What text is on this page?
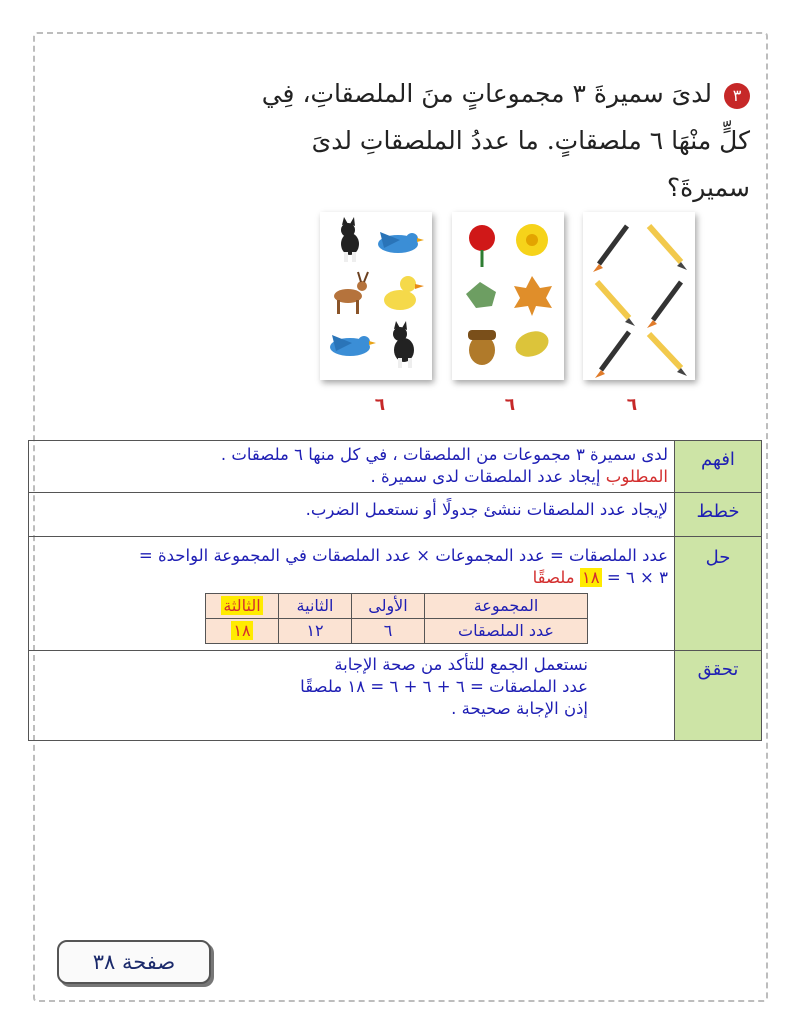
٣لدىَ سميرةَ ٣ مجموعاتٍ منَ الملصقاتِ، فِي كلٍّ منْهَا ٦ ملصقاتٍ. ما عددُ الملصقاتِ لدىَ سميرةَ؟
٦	٦	٦
افهم	
لدى سميرة ٣ مجموعات من الملصقات ، في كل منها ٦ ملصقات .
المطلوب إيجاد عدد الملصقات لدى سميرة .

خطط	
لإيجاد عدد الملصقات ننشئ جدولًا أو نستعمل الضرب.

حل	
عدد الملصقات = عدد المجموعات × عدد الملصقات في المجموعة الواحدة =
٣ × ٦ = ١٨ ملصقًا
المجموعة	الأولى	الثانية	الثالثة
عدد الملصقات	٦	١٢	١٨

تحقق	
نستعمل الجمع للتأكد من صحة الإجابة
عدد الملصقات = ٦ + ٦ + ٦ = ١٨ ملصقًا
إذن الإجابة صحيحة .
صفحة ٣٨
